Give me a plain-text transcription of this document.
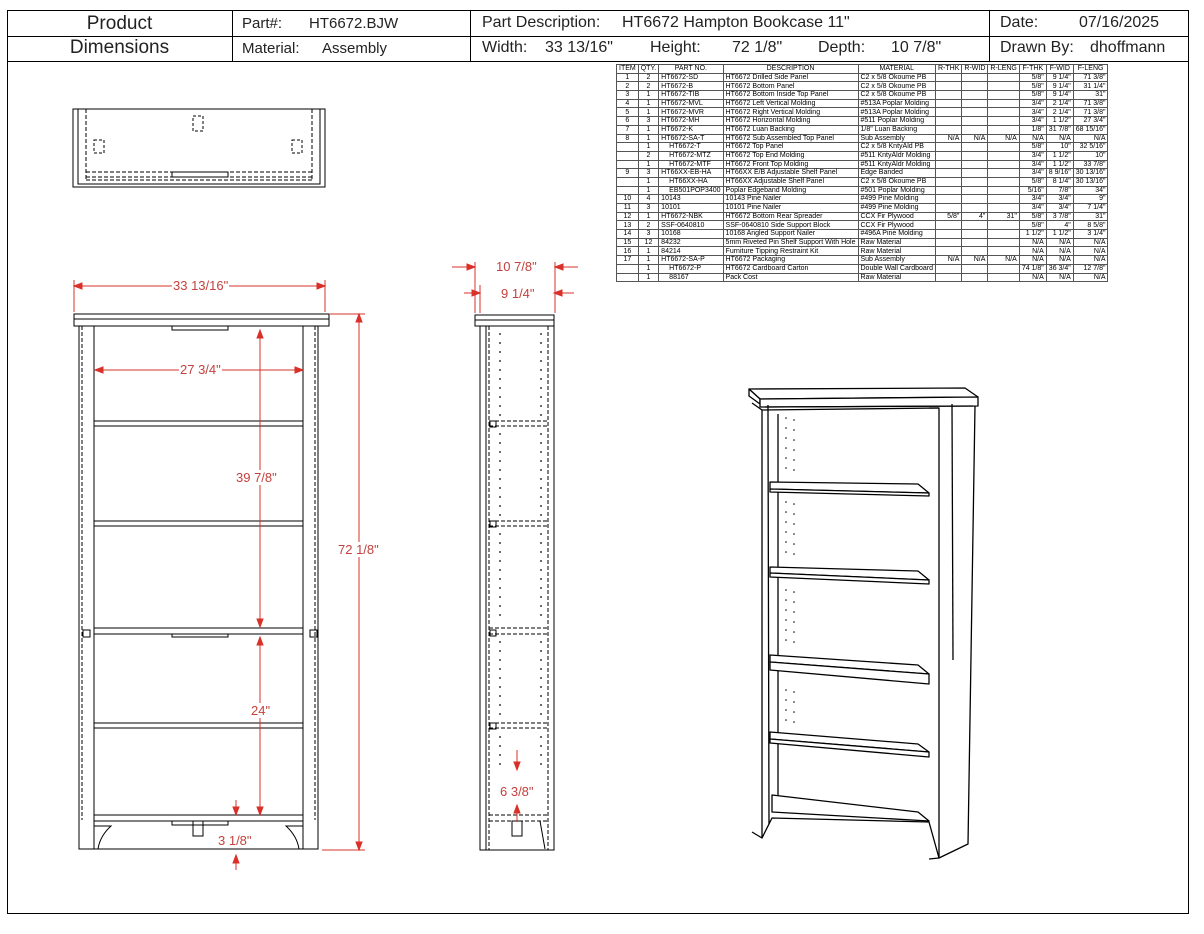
Product
Dimensions
Part#: HT6672.BJW
Material: Assembly
Part Description: HT6672 Hampton Bookcase 11"
Width: 33 13/16" Height: 72 1/8" Depth: 10 7/8"
Date:	07/16/2025
Drawn By: dhoffmann
ITEM	QTY.	PART NO.	DESCRIPTION	MATERIAL	R-THK	R-WID	R-LENG	F-THK	F-WID	F-LENG
1	2	HT6672-SD	HT6672 Drilled Side Panel	C2 x 5/8 Okoume PB				5/8"	9 1/4"	71 3/8"
2	2	HT6672-B	HT6672 Bottom Panel	C2 x 5/8 Okoume PB				5/8"	9 1/4"	31 1/4"
3	1	HT6672-TIB	HT6672 Bottom Inside Top Panel	C2 x 5/8 Okoume PB				5/8"	9 1/4"	31"
4	1	HT6672-MVL	HT6672 Left Vertical Molding	#513A Poplar Molding				3/4"	2 1/4"	71 3/8"
5	1	HT6672-MVR	HT6672 Right Vertical Molding	#513A Poplar Molding				3/4"	2 1/4"	71 3/8"
6	3	HT6672-MH	HT6672 Horizontal Molding	#511 Poplar Molding				3/4"	1 1/2"	27 3/4"
7	1	HT6672-K	HT6672 Luan Backing	1/8" Luan Backing				1/8"	31 7/8"	68 15/16"
8	1	HT6672-SA-T	HT6672 Sub Assembled Top Panel	Sub Assembly	N/A	N/A	N/A	N/A	N/A	N/A
	1	HT6672-T	HT6672 Top Panel	C2 x 5/8 KntyAld PB				5/8"	10"	32 5/16"
	2	HT6672-MTZ	HT6672 Top End Molding	#511 KntyAldr Molding				3/4"	1 1/2"	10"
	1	HT6672-MTF	HT6672 Front Top Molding	#511 KntyAldr Molding				3/4"	1 1/2"	33 7/8"
9	3	HT66XX-EB-HA	HT66XX E/B Adjustable Shelf Panel	Edge Banded				3/4"	8 9/16"	30 13/16"
	1	HT66XX-HA	HT66XX Adjustable Shelf Panel	C2 x 5/8 Okoume PB				5/8"	8 1/4"	30 13/16"
	1	EB501POP3400	Poplar Edgeband Molding	#501 Poplar Molding				5/16"	7/8"	34"
10	4	10143	10143 Pine Nailer	#499 Pine Molding				3/4"	3/4"	9"
11	3	10101	10101 Pine Nailer	#499 Pine Molding				3/4"	3/4"	7 1/4"
12	1	HT6672-NBK	HT6672 Bottom Rear Spreader	CCX Fir Plywood	5/8"	4"	31"	5/8"	3 7/8"	31"
13	2	SSF-0640810	SSF-0640810 Side Support Block	CCX Fir Plywood				5/8"	4"	8 5/8"
14	3	10168	10168 Angled Support Nailer	#496A Pine Molding				1 1/2"	1 1/2"	3 1/4"
15	12	84232	5mm Riveted Pin Shelf Support With Hole	Raw Material				N/A	N/A	N/A
16	1	84214	Furniture Tipping Restraint Kit	Raw Material				N/A	N/A	N/A
17	1	HT6672-SA-P	HT6672 Packaging	Sub Assembly	N/A	N/A	N/A	N/A	N/A	N/A
	1	HT6672-P	HT6672 Cardboard Carton	Double Wall Cardboard				74 1/8"	36 3/4"	12 7/8"
	1	88167	Pack Cost	Raw Material				N/A	N/A	N/A
33 13/16"
27 3/4"
39 7/8"
72 1/8"
24"
3 1/8"
10 7/8"
9 1/4"
6 3/8"
